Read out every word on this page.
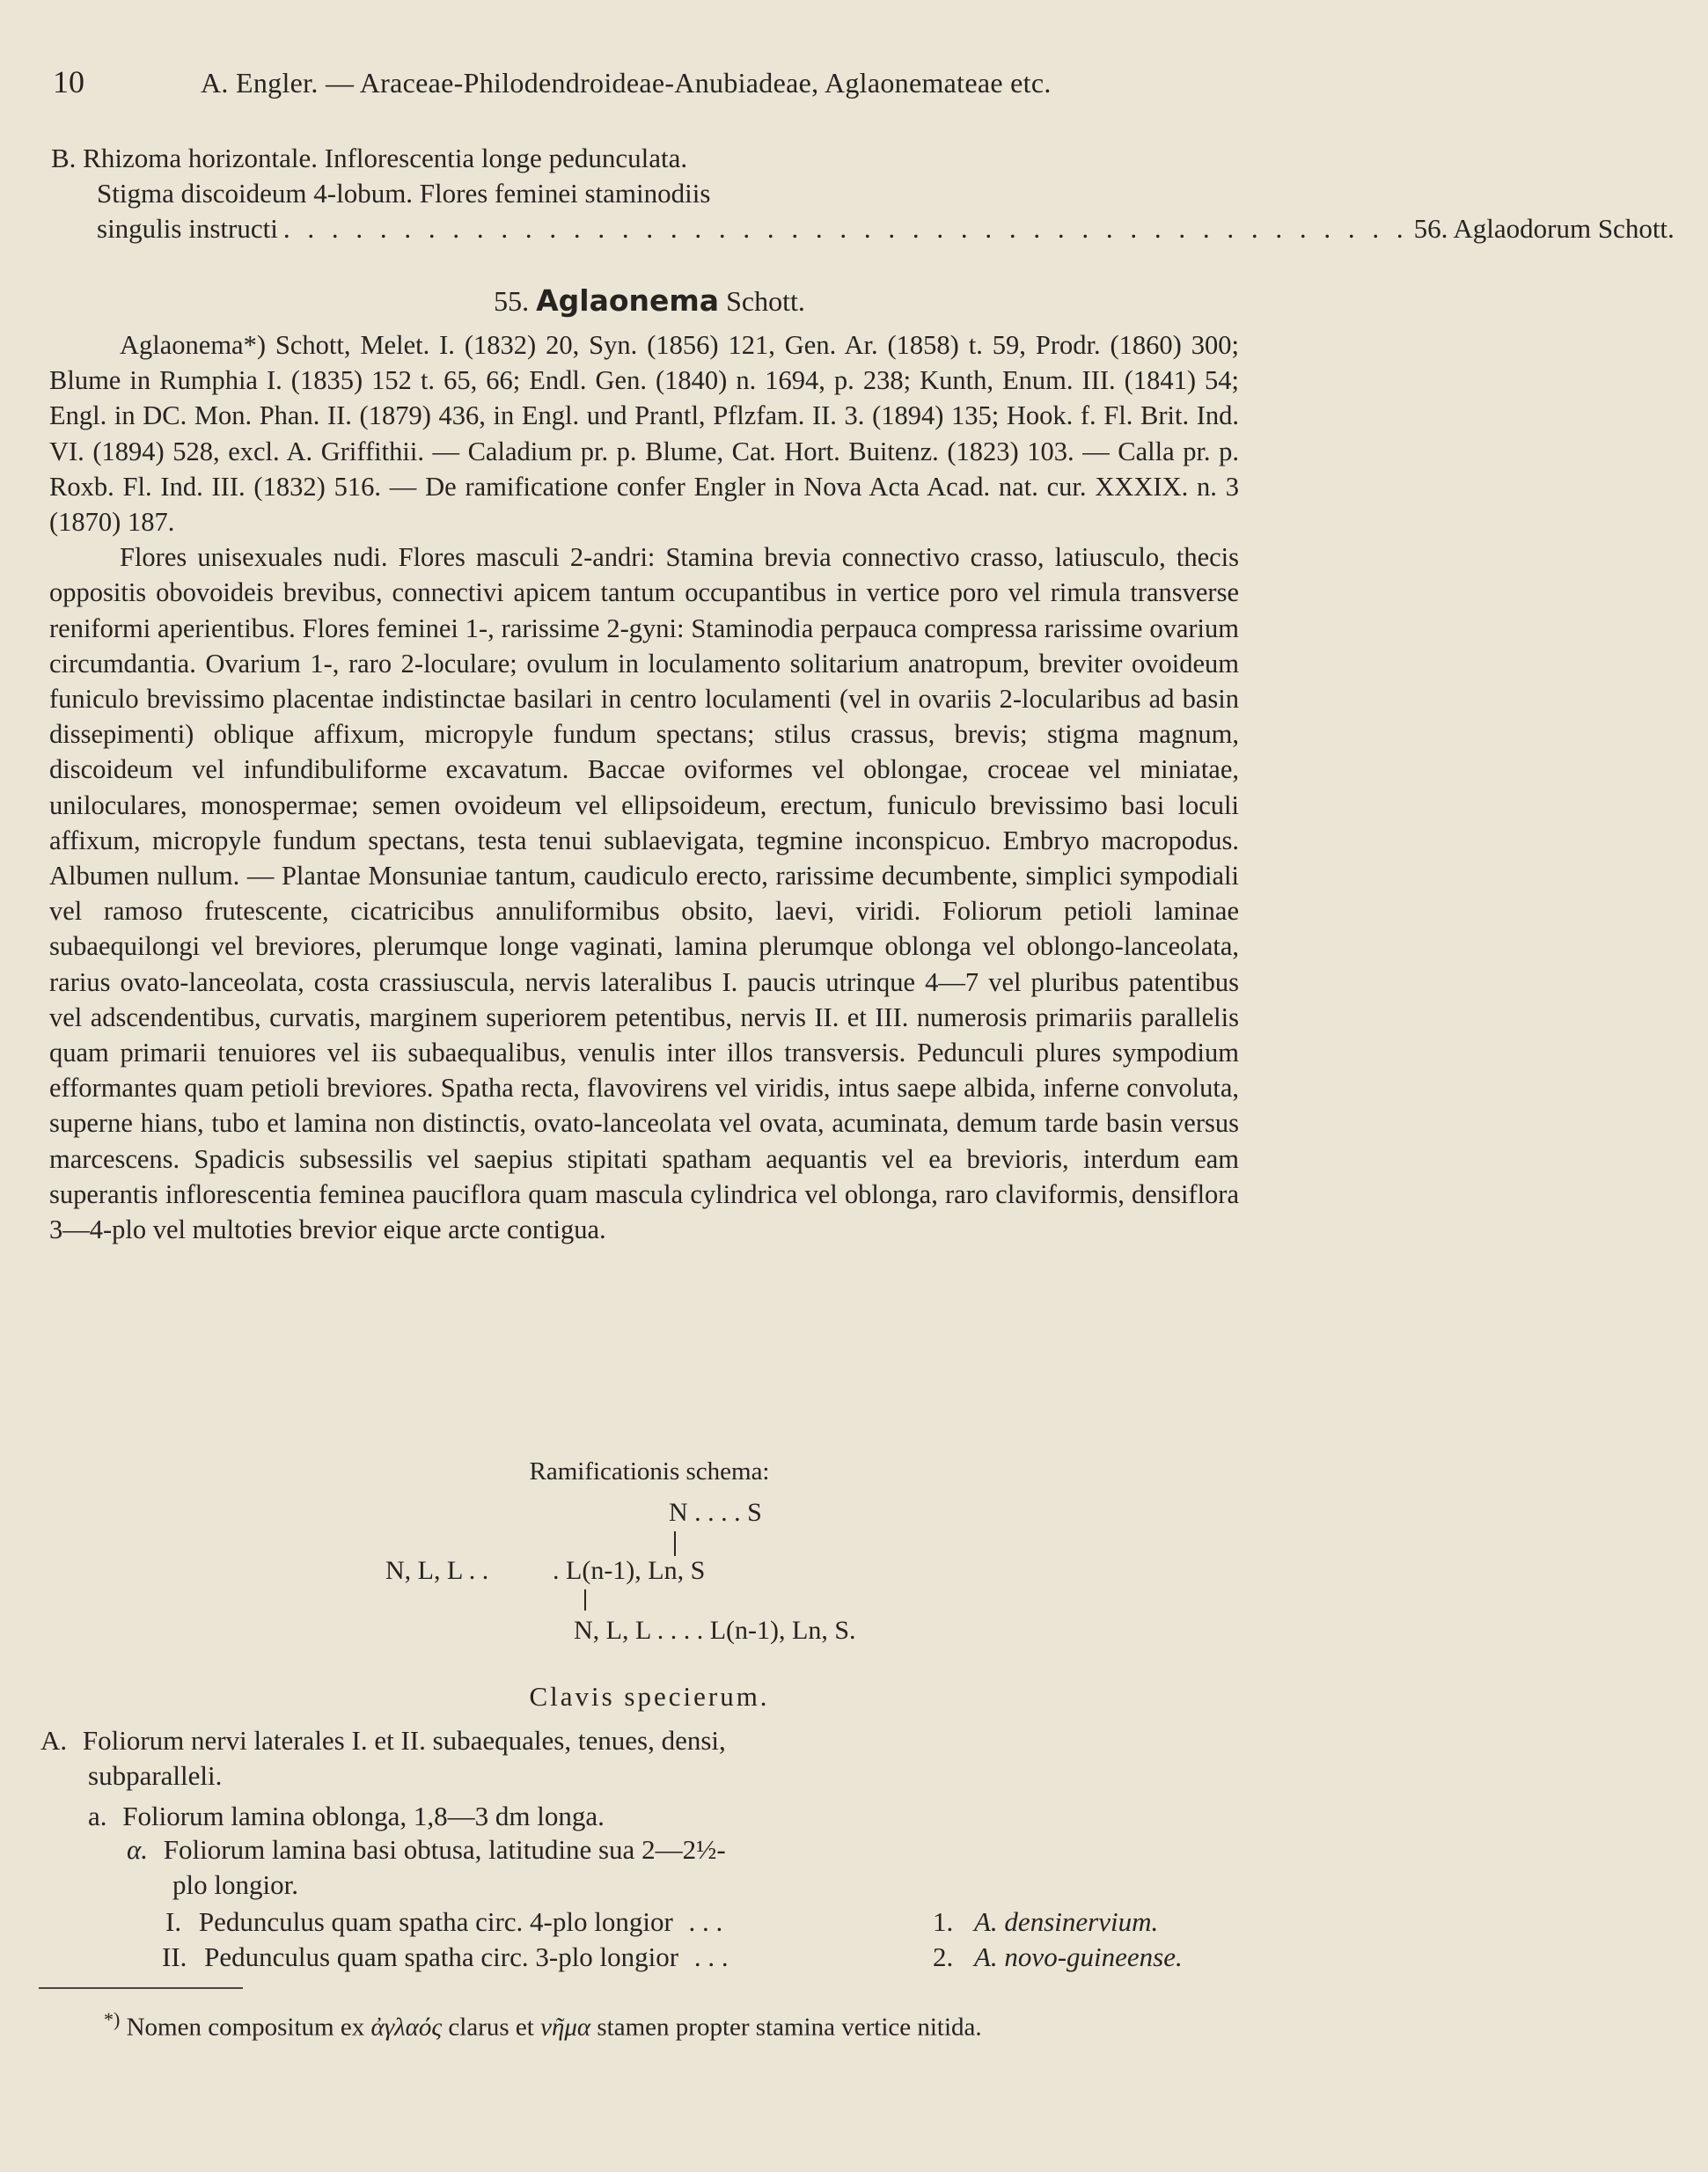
10	A. Engler. — Araceae-Philodendroideae-Anubiadeae, Aglaonemateae etc.
B. Rhizoma horizontale. Inflorescentia longe pedunculata.
Stigma discoideum 4-lobum. Flores feminei staminodiis
singulis instructi . . . . . . . . . . . . . . . . . . . . . . . . . . . . . . . . . . . . . . . . . . . . . . . 56. Aglaodorum Schott.
55. Aglaonema Schott.

Aglaonema*) Schott, Melet. I. (1832) 20, Syn. (1856) 121, Gen. Ar. (1858) t. 59, Prodr. (1860) 300; Blume in Rumphia I. (1835) 152 t. 65, 66; Endl. Gen. (1840) n. 1694, p. 238; Kunth, Enum. III. (1841) 54; Engl. in DC. Mon. Phan. II. (1879) 436, in Engl. und Prantl, Pflzfam. II. 3. (1894) 135; Hook. f. Fl. Brit. Ind. VI. (1894) 528, excl. A. Griffithii. — Caladium pr. p. Blume, Cat. Hort. Buitenz. (1823) 103. — Calla pr. p. Roxb. Fl. Ind. III. (1832) 516. — De ramificatione confer Engler in Nova Acta Acad. nat. cur. XXXIX. n. 3 (1870) 187.

Flores unisexuales nudi. Flores masculi 2-andri: Stamina brevia connectivo crasso, latiusculo, thecis oppositis obovoideis brevibus, connectivi apicem tantum occupantibus in vertice poro vel rimula transverse reniformi aperientibus. Flores feminei 1-, rarissime 2-gyni: Staminodia perpauca compressa rarissime ovarium circumdantia. Ovarium 1-, raro 2-loculare; ovulum in loculamento solitarium anatropum, breviter ovoideum funiculo brevissimo placentae indistinctae basilari in centro loculamenti (vel in ovariis 2-locularibus ad basin dissepimenti) oblique affixum, micropyle fundum spectans; stilus crassus, brevis; stigma magnum, discoideum vel infundibuliforme excavatum. Baccae oviformes vel oblongae, croceae vel miniatae, uniloculares, monospermae; semen ovoideum vel ellipsoideum, erectum, funiculo brevissimo basi loculi affixum, micropyle fundum spectans, testa tenui sublaevigata, tegmine inconspicuo. Embryo macropodus. Albumen nullum. — Plantae Monsuniae tantum, caudiculo erecto, rarissime decumbente, simplici sympodiali vel ramoso frutescente, cicatricibus annuliformibus obsito, laevi, viridi. Foliorum petioli laminae subaequilongi vel breviores, plerumque longe vaginati, lamina plerumque oblonga vel oblongo-lanceolata, rarius ovato-lanceolata, costa crassiuscula, nervis lateralibus I. paucis utrinque 4—7 vel pluribus patentibus vel adscendentibus, curvatis, marginem superiorem petentibus, nervis II. et III. numerosis primariis parallelis quam primarii tenuiores vel iis subaequalibus, venulis inter illos transversis. Pedunculi plures sympodium efformantes quam petioli breviores. Spatha recta, flavovirens vel viridis, intus saepe albida, inferne convoluta, superne hians, tubo et lamina non distinctis, ovato-lanceolata vel ovata, acuminata, demum tarde basin versus marcescens. Spadicis subsessilis vel saepius stipitati spatham aequantis vel ea brevioris, interdum eam superantis inflorescentia feminea pauciflora quam mascula cylindrica vel oblonga, raro claviformis, densiflora 3—4-plo vel multoties brevior eique arcte contigua.

Ramificationis schema:
N . . . . S
N, L, L . . . L(n-1), Ln, S
N, L, L . . . . L(n-1), Ln, S.
Clavis specierum.
A. Foliorum nervi laterales I. et II. subaequales, tenues, densi,
subparalleli.
a. Foliorum lamina oblonga, 1,8—3 dm longa.
α. Foliorum lamina basi obtusa, latitudine sua 2—2½-
plo longior.
I. Pedunculus quam spatha circ. 4-plo longior . . .	1. A. densinervium.
II. Pedunculus quam spatha circ. 3-plo longior . . .	2. A. novo-guineense.
*) Nomen compositum ex ἀγλαός clarus et νῆμα stamen propter stamina vertice nitida.
